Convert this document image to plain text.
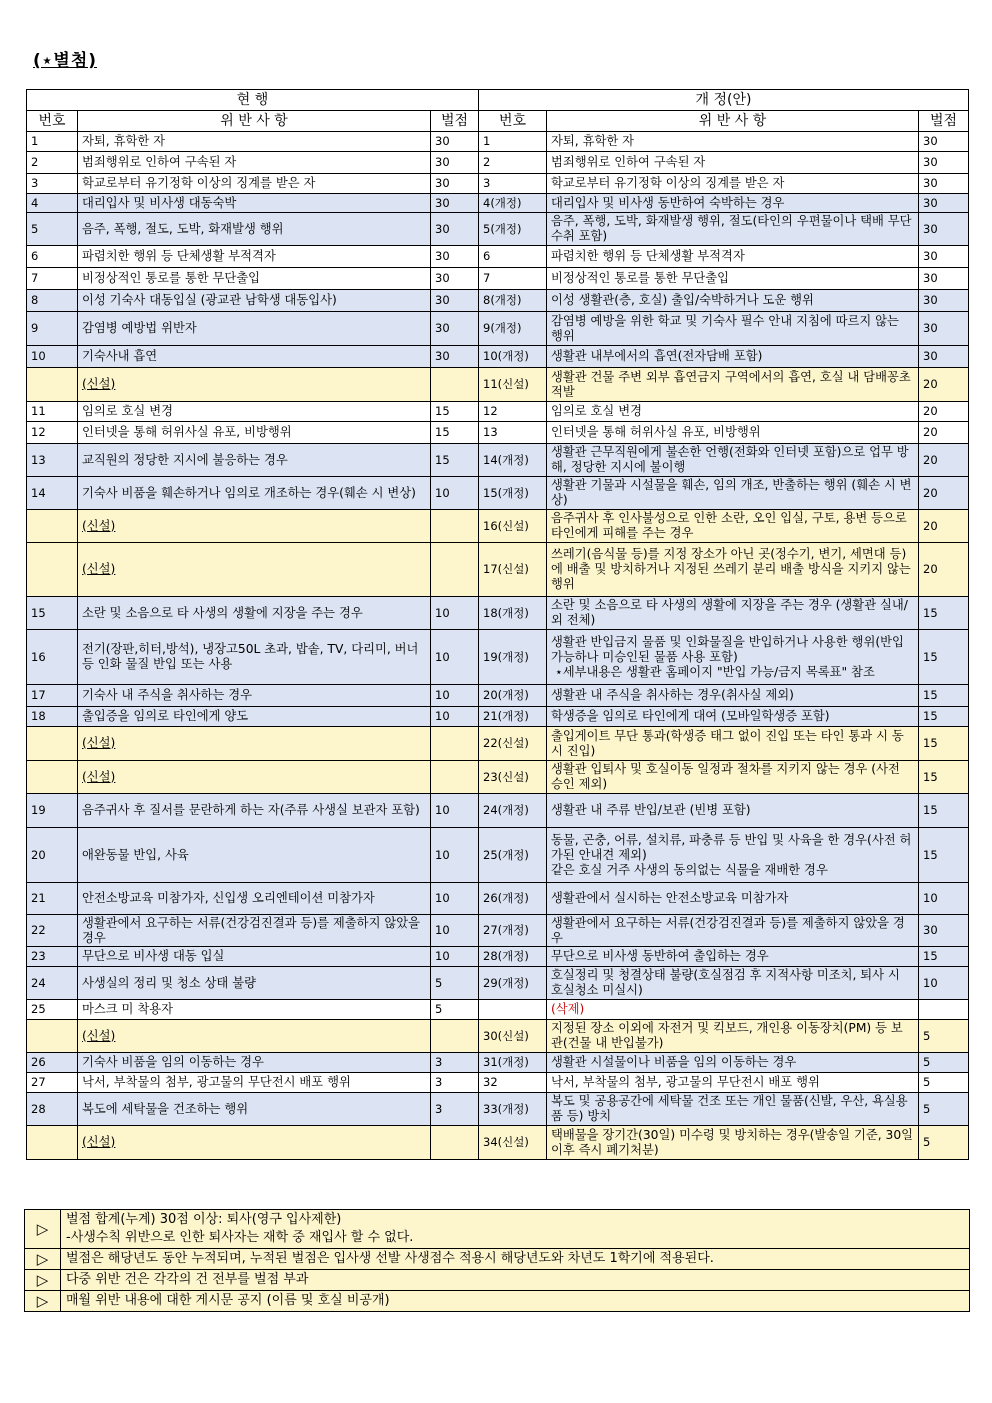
(⋆별첨)
현 행			개 정(안)		
번호	위 반 사 항	벌점	번호	위 반 사 항	벌점
1	자퇴, 휴학한 자	30	1	자퇴, 휴학한 자	30
2	범죄행위로 인하여 구속된 자	30	2	범죄행위로 인하여 구속된 자	30
3	학교로부터 유기정학 이상의 징계를 받은 자	30	3	학교로부터 유기정학 이상의 징계를 받은 자	30
4	대리입사 및 비사생 대동숙박	30	4(개정)	대리입사 및 비사생 동반하여 숙박하는 경우	30
5	음주, 폭행, 절도, 도박, 화재발생 행위	30	5(개정)	음주, 폭행, 도박, 화재발생 행위, 절도(타인의 우편물이나 택배 무단 수취 포함)	30
6	파렴치한 행위 등 단체생활 부적격자	30	6	파렴치한 행위 등 단체생활 부적격자	30
7	비정상적인 통로를 통한 무단출입	30	7	비정상적인 통로를 통한 무단출입	30
8	이성 기숙사 대동입실 (광교관 남학생 대동입사)	30	8(개정)	이성 생활관(층, 호실) 출입/숙박하거나 도운 행위	30
9	감염병 예방법 위반자	30	9(개정)	감염병 예방을 위한 학교 및 기숙사 필수 안내 지침에 따르지 않는 행위	30
10	기숙사내 흡연	30	10(개정)	생활관 내부에서의 흡연(전자담배 포함)	30
	(신설)		11(신설)	생활관 건물 주변 외부 흡연금지 구역에서의 흡연, 호실 내 담배꽁초 적발	20
11	임의로 호실 변경	15	12	임의로 호실 변경	20
12	인터넷을 통해 허위사실 유포, 비방행위	15	13	인터넷을 통해 허위사실 유포, 비방행위	20
13	교직원의 정당한 지시에 불응하는 경우	15	14(개정)	생활관 근무직원에게 불손한 언행(전화와 인터넷 포함)으로 업무 방해, 정당한 지시에 불이행	20
14	기숙사 비품을 훼손하거나 임의로 개조하는 경우(훼손 시 변상)	10	15(개정)	생활관 기물과 시설물을 훼손, 임의 개조, 반출하는 행위 (훼손 시 변상)	20
	(신설)		16(신설)	음주귀사 후 인사불성으로 인한 소란, 오인 입실, 구토, 용변 등으로 타인에게 피해를 주는 경우	20
	(신설)		17(신설)	쓰레기(음식물 등)를 지정 장소가 아닌 곳(정수기, 변기, 세면대 등)에 배출 및 방치하거나 지정된 쓰레기 분리 배출 방식을 지키지 않는 행위	20
15	소란 및 소음으로 타 사생의 생활에 지장을 주는 경우	10	18(개정)	소란 및 소음으로 타 사생의 생활에 지장을 주는 경우 (생활관 실내/외 전체)	15
16	전기(장판,히터,방석), 냉장고50L 초과, 밥솥, TV, 다리미, 버너 등 인화 물질 반입 또는 사용	10	19(개정)	생활관 반입금지 물품 및 인화물질을 반입하거나 사용한 행위(반입가능하나 미승인된 물품 사용 포함)
⋆세부내용은 생활관 홈페이지 "반입 가능/금지 목록표" 참조	15
17	기숙사 내 주식을 취사하는 경우	10	20(개정)	생활관 내 주식을 취사하는 경우(취사실 제외)	15
18	출입증을 임의로 타인에게 양도	10	21(개정)	학생증을 임의로 타인에게 대여 (모바일학생증 포함)	15
	(신설)		22(신설)	출입게이트 무단 통과(학생증 태그 없이 진입 또는 타인 통과 시 동시 진입)	15
	(신설)		23(신설)	생활관 입퇴사 및 호실이동 일정과 절차를 지키지 않는 경우 (사전 승인 제외)	15
19	음주귀사 후 질서를 문란하게 하는 자(주류 사생실 보관자 포함)	10	24(개정)	생활관 내 주류 반입/보관 (빈병 포함)	15
20	애완동물 반입, 사육	10	25(개정)	동물, 곤충, 어류, 설치류, 파충류 등 반입 및 사육을 한 경우(사전 허가된 안내견 제외)
같은 호실 거주 사생의 동의없는 식물을 재배한 경우	15
21	안전소방교육 미참가자, 신입생 오리엔테이션 미참가자	10	26(개정)	생활관에서 실시하는 안전소방교육 미참가자	10
22	생활관에서 요구하는 서류(건강검진결과 등)를 제출하지 않았을 경우	10	27(개정)	생활관에서 요구하는 서류(건강검진결과 등)를 제출하지 않았을 경우	30
23	무단으로 비사생 대동 입실	10	28(개정)	무단으로 비사생 동반하여 출입하는 경우	15
24	사생실의 정리 및 청소 상태 불량	5	29(개정)	호실정리 및 청결상태 불량(호실점검 후 지적사항 미조치, 퇴사 시 호실청소 미실시)	10
25	마스크 미 착용자	5		(삭제)	
	(신설)		30(신설)	지정된 장소 이외에 자전거 및 킥보드, 개인용 이동장치(PM) 등 보관(건물 내 반입불가)	5
26	기숙사 비품을 임의 이동하는 경우	3	31(개정)	생활관 시설물이나 비품을 임의 이동하는 경우	5
27	낙서, 부착물의 첨부, 광고물의 무단전시 배포 행위	3	32	낙서, 부착물의 첨부, 광고물의 무단전시 배포 행위	5
28	복도에 세탁물을 건조하는 행위	3	33(개정)	복도 및 공용공간에 세탁물 건조 또는 개인 물품(신발, 우산, 욕실용품 등) 방치	5
	(신설)		34(신설)	택배물을 장기간(30일) 미수령 및 방치하는 경우(발송일 기준, 30일 이후 즉시 폐기처분)	5
▷	벌점 합계(누계) 30점 이상: 퇴사(영구 입사제한)
-사생수칙 위반으로 인한 퇴사자는 재학 중 재입사 할 수 없다.

▷	벌점은 해당년도 동안 누적되며, 누적된 벌점은 입사생 선발 사생점수 적용시 해당년도와 차년도 1학기에 적용된다.

▷	다중 위반 건은 각각의 건 전부를 벌점 부과

▷	매월 위반 내용에 대한 게시문 공지 (이름 및 호실 비공개)
